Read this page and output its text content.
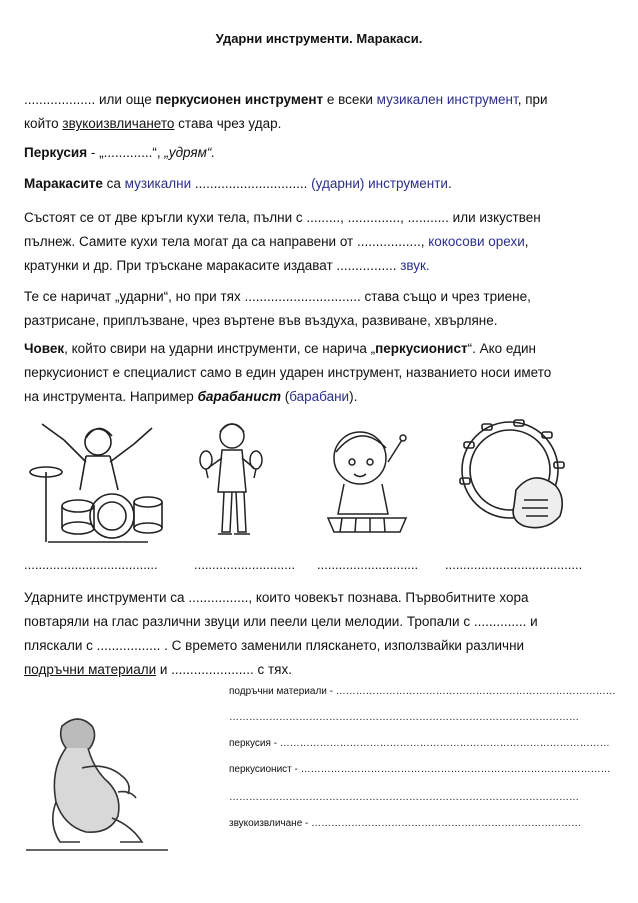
Ударни инструменти. Маракаси.

................... или още перкусионен инструмент е всеки музикален инструмент, при
който звукоизвличането става чрез удар.

Перкусия - „.............“, „удрям“.

Маракасите са музикални .............................. (ударни) инструменти.

Състоят се от две кръгли кухи тела, пълни с ........., .............., ........... или изкуствен
пълнеж. Самите кухи тела могат да са направени от ................., кокосови орехи,
кратунки и др. При тръскане маракасите издават ................ звук.

Те се наричат „ударни“, но при тях ............................... става също и чрез триене,
разтрисане, приплъзване, чрез въртене във въздуха, развиване, хвърляне.

Човек, който свири на ударни инструменти, се нарича „перкусионист“. Ако един
перкусионист е специалист само в един ударен инструмент, названието носи името
на инструмента. Например барабанист (барабани).

.....................................	............................ ............................ ......................................

Ударните инструменти са ................, които човекът познава. Първобитните хора
повтаряли на глас различни звуци или пеели цели мелодии. Тропали с .............. и
пляскали с ................. . С времето заменили пляскането, използвайки различни
подръчни материали и ...................... с тях.

подръчни материали - …………………………………………………………………………
……………………………………………………………………………………………
перкусия - ………………………………………………………………………………………
перкусионист - …………………………………………………………………………………
……………………………………………………………………………………………
звукоизвличане - ………………………………………………………………………
